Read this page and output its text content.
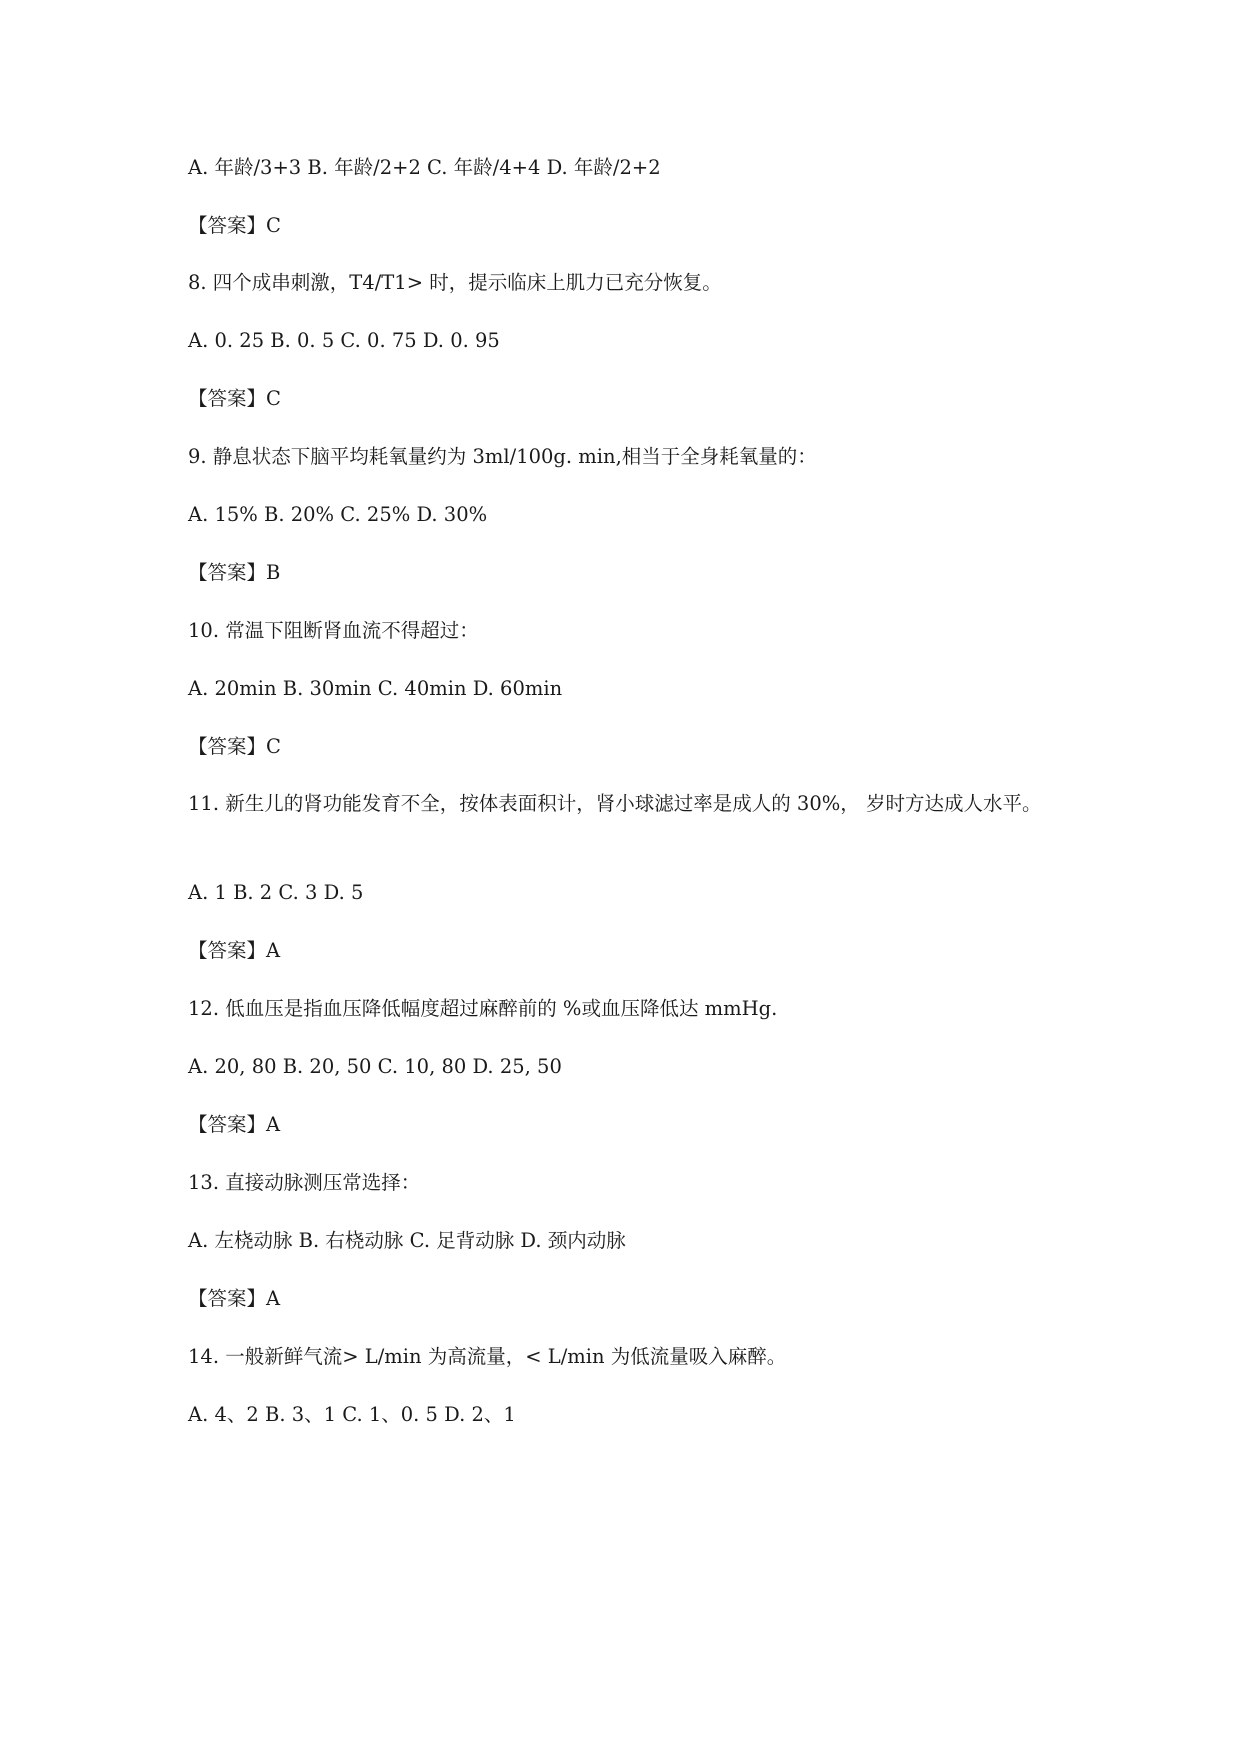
A. 年龄/3+3 B. 年龄/2+2 C. 年龄/4+4 D. 年龄/2+2
【答案】C
8. 四个成串刺激，T4/T1> 时，提示临床上肌力已充分恢复。
A. 0. 25 B. 0. 5 C. 0. 75 D. 0. 95
【答案】C
9. 静息状态下脑平均耗氧量约为 3ml/100g. min,相当于全身耗氧量的：
A. 15% B. 20% C. 25% D. 30%
【答案】B
10. 常温下阻断肾血流不得超过：
A. 20min B. 30min C. 40min D. 60min
【答案】C
11. 新生儿的肾功能发育不全，按体表面积计，肾小球滤过率是成人的 30%， 岁时方达成人水平。
A. 1 B. 2 C. 3 D. 5
【答案】A
12. 低血压是指血压降低幅度超过麻醉前的 %或血压降低达 mmHg.
A. 20, 80 B. 20, 50 C. 10, 80 D. 25, 50
【答案】A
13. 直接动脉测压常选择：
A. 左桡动脉 B. 右桡动脉 C. 足背动脉 D. 颈内动脉
【答案】A
14. 一般新鲜气流> L/min 为高流量，< L/min 为低流量吸入麻醉。
A. 4、2 B. 3、1 C. 1、0. 5 D. 2、1
